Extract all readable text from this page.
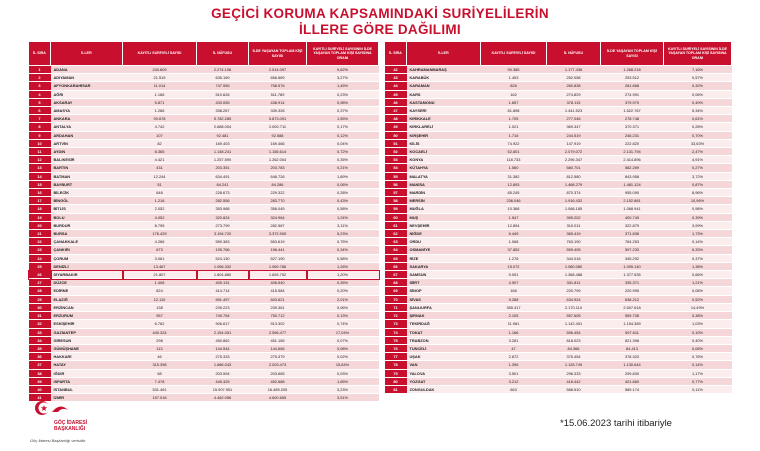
GEÇİCİ KORUMA KAPSAMINDAKİ SURİYELİLERİN
İLLERE GÖRE DAĞILIMI
İL SIRA	İLLER	KAYITLI SURİYELİ SAYISI	İL NÜFUSU	İLDE YAŞAYAN TOPLAM KİŞİ SAYISI	KAYITLI SURİYELİ SAYISININ İLDE YAŞAYAN TOPLAM KİŞİ SAYISINA ORANI
1	ADANA	240.809	2.274.106	2.514.097	9,62%
2	ADIYAMAN	21.519	635.169	656.669	3,27%
3	AFYONKARAHİSAR	11.014	747.555	758.576	1,45%
4	AĞRI	1.166	510.626	511.789	0,23%
5	AKSARAY	5.871	433.055	438.914	0,98%
6	AMASYA	1.266	338.267	339.326	0,37%
7	ANKARA	90.678	5.782.285	5.873.091	1,55%
8	ANTALYA	4.742	2.688.004	2.692.711	0,17%
9	ARDAHAN	107	92.481	92.588	0,12%
10	ARTVİN	82	169.403	169.466	0,04%
11	AYDIN	8.365	1.148.241	1.156.614	0,72%
12	BALIKESİR	4.421	1.257.590	1.262.004	0,35%
13	BARTIN	431	203.351	203.783	0,21%
14	BATMAN	12.244	634.491	646.726	1,89%
15	BAYBURT	51	84.241	84.286	0,06%
16	BİLECİK	646	228.673	229.322	0,28%
17	BİNGÖL	1.216	282.556	283.770	0,43%
18	BİTLİS	2.052	353.988	356.045	0,58%
19	BOLU	4.052	320.824	324.964	1,24%
20	BURDUR	8.795	273.799	282.587	3,11%
21	BURSA	176.429	3.194.720	3.372.905	5,23%
22	ÇANAKKALE	4.266	559.383	563.619	0,75%
23	ÇANKIRI	673	195.766	196.441	0,34%
24	ÇORUM	3.061	524.130	527.190	0,58%
25	DENİZLİ	13.467	1.056.332	1.069.786	1,26%
26	DİYARBAKIR	21.807	1.804.880	1.826.752	1,20%
27	DÜZCE	1.408	405.131	406.540	0,35%
28	EDİRNE	824	414.714	415.584	0,20%
29	ELAZIĞ	12.110	591.497	603.621	2,01%
30	ERZİNCAN	138	239.223	239.361	0,06%
31	ERZURUM	957	749.754	750.712	0,13%
32	ESKİŞEHİR	6.762	906.617	913.302	0,74%
33	GAZİANTEP	440.324	2.154.051	2.596.477	17,04%
34	GİRESUN	298	450.862	451.165	0,07%
35	GÜMÜŞHANE	113	144.544	144.665	0,08%
36	HAKKARİ	46	275.333	275.379	0,02%
37	HATAY	315.398	1.686.043	2.003.473	15,84%
38	IĞDIR	68	203.594	203.665	0,03%
39	ISPARTA	7.478	445.325	452.688	1,65%
40	İSTANBUL	531.461	15.907.951	16.489.205	3,23%
41	İZMİR	157.018	4.462.056	4.600.655	3,51%
İL SIRA	İLLER	KAYITLI SURİYELİ SAYISI	İL NÜFUSU	İLDE YAŞAYAN TOPLAM KİŞİ SAYISI	KAYITLI SURİYELİ SAYISININ İLDE YAŞAYAN TOPLAM KİŞİ SAYISINA ORANI
42	KAHRAMANMARAŞ	90.385	1.177.436	1.268.218	7,16%
43	KARABÜK	1.453	252.058	253.512	0,57%
44	KARAMAN	826	260.838	261.668	0,32%
45	KARS	162	274.829	274.991	0,06%
46	KASTAMONU	1.857	378.115	379.970	0,49%
47	KAYSERİ	81.898	1.441.523	1.522.767	5,34%
48	KIRIKKALE	1.705	277.046	278.748	0,61%
49	KIRKLARELİ	1.021	369.347	370.371	0,28%
50	KIRŞEHİR	1.716	244.519	246.231	0,70%
51	KİLİS	74.922	147.919	222.820	33,63%
52	KOCAELİ	52.801	2.079.072	2.131.794	2,47%
53	KONYA	118.733	2.296.347	2.414.896	4,91%
54	KÜTAHYA	1.560	580.701	582.269	0,27%
55	MALATYA	31.382	812.580	843.958	3,72%
56	MANİSA	12.893	1.468.279	1.481.124	0,87%
57	MARDİN	85.245	870.374	955.090	8,96%
58	MERSİN	236.046	1.916.432	2.152.881	10,96%
59	MUĞLA	10.368	1.068.185	1.068.941	0,98%
60	MUŞ	1.547	399.202	400.749	0,39%
61	NEVŞEHİR	12.894	310.011	322.879	3,99%
62	NİĞDE	6.449	365.419	371.836	1,73%
63	ORDU	1.068	763.190	764.253	0,14%
64	OSMANİYE	37.852	559.405	597.233	6,33%
65	RİZE	1.276	344.016	345.292	0,37%
66	SAKARYA	15.072	1.080.080	1.095.140	1,38%
67	SAMSUN	9.051	1.368.488	1.377.535	0,66%
68	SİİRT	4.907	331.811	335.371	1,21%
69	SİNOP	166	220.799	220.995	0,08%
70	SİVAS	9.288	634.924	638.212	0,52%
71	ŞANLIURFA	355.317	2.170.110	2.507.618	14,49%
72	ŞIRNAK	2.105	557.605	559.708	0,38%
73	TEKİRDAĞ	11.981	1.142.451	1.154.389	1,03%
74	TOKAT	1.166	596.454	597.611	0,19%
75	TRABZON	3.281	818.023	821.398	0,40%
76	TUNCELİ	47	84.366	84.413	0,06%
77	UŞAK	2.872	375.454	378.320	0,76%
78	VAN	1.396	1.128.749	1.130.644	0,14%
79	YALOVA	3.501	296.333	299.830	1,17%
80	YOZGAT	3.212	418.442	421.660	0,77%
81	ZONGULDAK	663	588.510	589.174	0,11%
GÖÇ İDARESİ
BAŞKANLIĞI
Göç İdaresi Başkanlığı verisidir.
*15.06.2023 tarihi itibariyle
